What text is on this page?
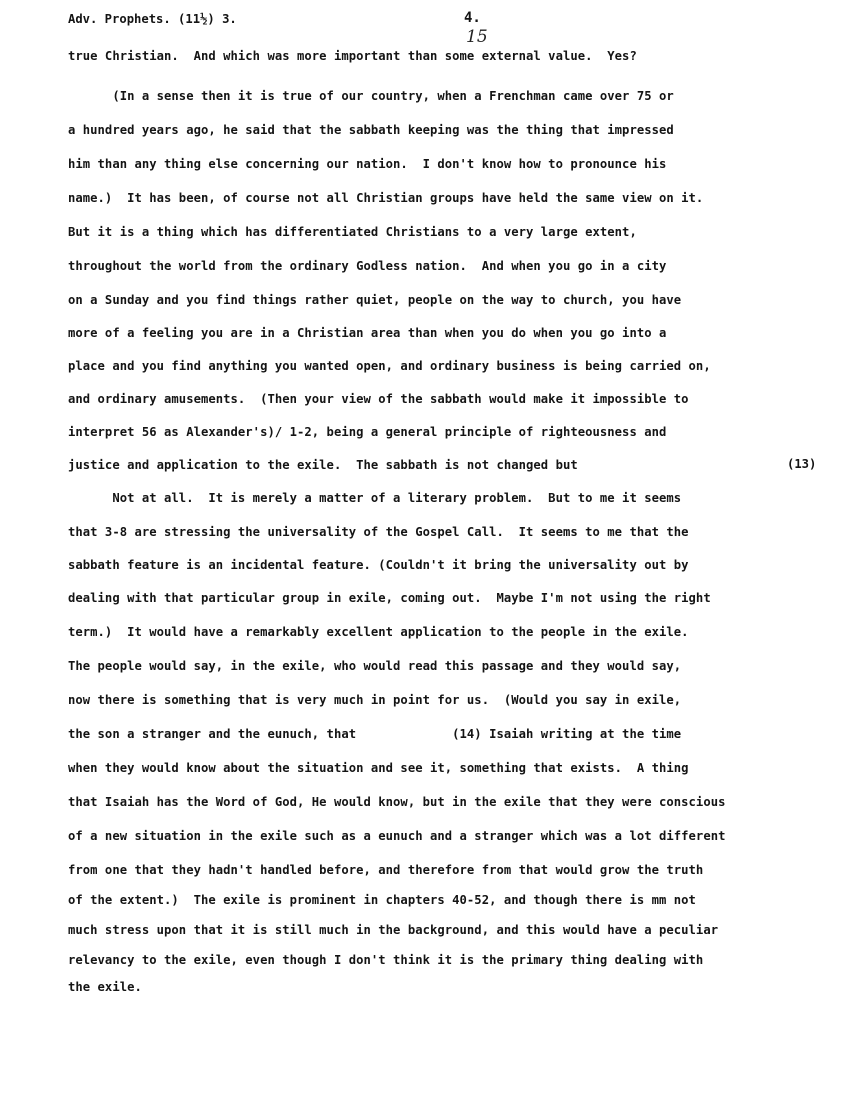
Adv. Prophets. (11½) 3.	4.
15
true Christian.  And which was more important than some external value.  Yes?
(In a sense then it is true of our country, when a Frenchman came over 75 or
a hundred years ago, he said that the sabbath keeping was the thing that impressed
him than any thing else concerning our nation.  I don't know how to pronounce his
name.)  It has been, of course not all Christian groups have held the same view on it.
But it is a thing which has differentiated Christians to a very large extent,
throughout the world from the ordinary Godless nation.  And when you go in a city
on a Sunday and you find things rather quiet, people on the way to church, you have
more of a feeling you are in a Christian area than when you do when you go into a
place and you find anything you wanted open, and ordinary business is being carried on,
and ordinary amusements.  (Then your view of the sabbath would make it impossible to
interpret 56 as Alexander's)/ 1-2, being a general principle of righteousness and
justice and application to the exile.  The sabbath is not changed but	(13)
Not at all.  It is merely a matter of a literary problem.  But to me it seems
that 3-8 are stressing the universality of the Gospel Call.  It seems to me that the
sabbath feature is an incidental feature. (Couldn't it bring the universality out by
dealing with that particular group in exile, coming out.  Maybe I'm not using the right
term.)  It would have a remarkably excellent application to the people in the exile.
The people would say, in the exile, who would read this passage and they would say,
now there is something that is very much in point for us.  (Would you say in exile,
the son a stranger and the eunuch, that             (14) Isaiah writing at the time
when they would know about the situation and see it, something that exists.  A thing
that Isaiah has the Word of God, He would know, but in the exile that they were conscious
of a new situation in the exile such as a eunuch and a stranger which was a lot different
from one that they hadn't handled before, and therefore from that would grow the truth
of the extent.)  The exile is prominent in chapters 40-52, and though there is mm not
much stress upon that it is still much in the background, and this would have a peculiar
relevancy to the exile, even though I don't think it is the primary thing dealing with
the exile.
